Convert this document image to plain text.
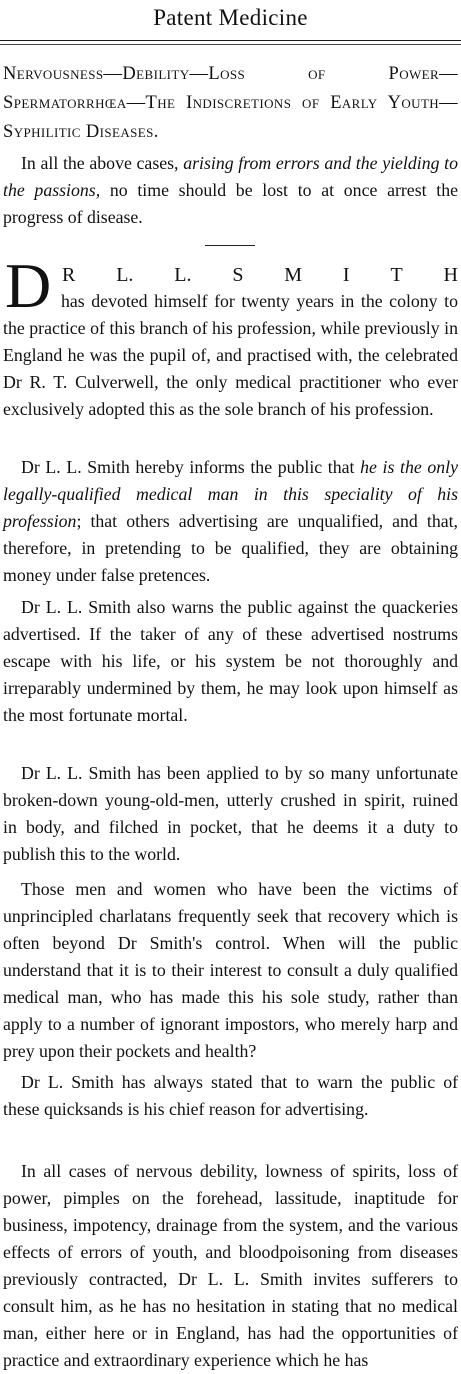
Patent Medicine
Nervousness—Debility—Loss of Power—Spermatorrhœa—The Indiscretions of Early Youth—Syphilitic Diseases.
In all the above cases, arising from errors and the yielding to the passions, no time should be lost to at once arrest the progress of disease.
D R L. L. S M I T H
has devoted himself for twenty years in the colony to the practice of this branch of his profession, while previously in England he was the pupil of, and practised with, the celebrated Dr R. T. Culverwell, the only medical practitioner who ever exclusively adopted this as the sole branch of his profession.
Dr L. L. Smith hereby informs the public that he is the only legally-qualified medical man in this speciality of his profession; that others advertising are unqualified, and that, therefore, in pretending to be qualified, they are obtaining money under false pretences.
Dr L. L. Smith also warns the public against the quackeries advertised. If the taker of any of these advertised nostrums escape with his life, or his system be not thoroughly and irreparably undermined by them, he may look upon himself as the most fortunate mortal.
Dr L. L. Smith has been applied to by so many unfortunate broken-down young-old-men, utterly crushed in spirit, ruined in body, and filched in pocket, that he deems it a duty to publish this to the world.
Those men and women who have been the victims of unprincipled charlatans frequently seek that recovery which is often beyond Dr Smith's control. When will the public understand that it is to their interest to consult a duly qualified medical man, who has made this his sole study, rather than apply to a number of ignorant impostors, who merely harp and prey upon their pockets and health?
Dr L. Smith has always stated that to warn the public of these quicksands is his chief reason for advertising.
In all cases of nervous debility, lowness of spirits, loss of power, pimples on the forehead, lassitude, inaptitude for business, impotency, drainage from the system, and the various effects of errors of youth, and bloodpoisoning from diseases previously contracted, Dr L. L. Smith invites sufferers to consult him, as he has no hesitation in stating that no medical man, either here or in England, has had the opportunities of practice and extraordinary experience which he has
